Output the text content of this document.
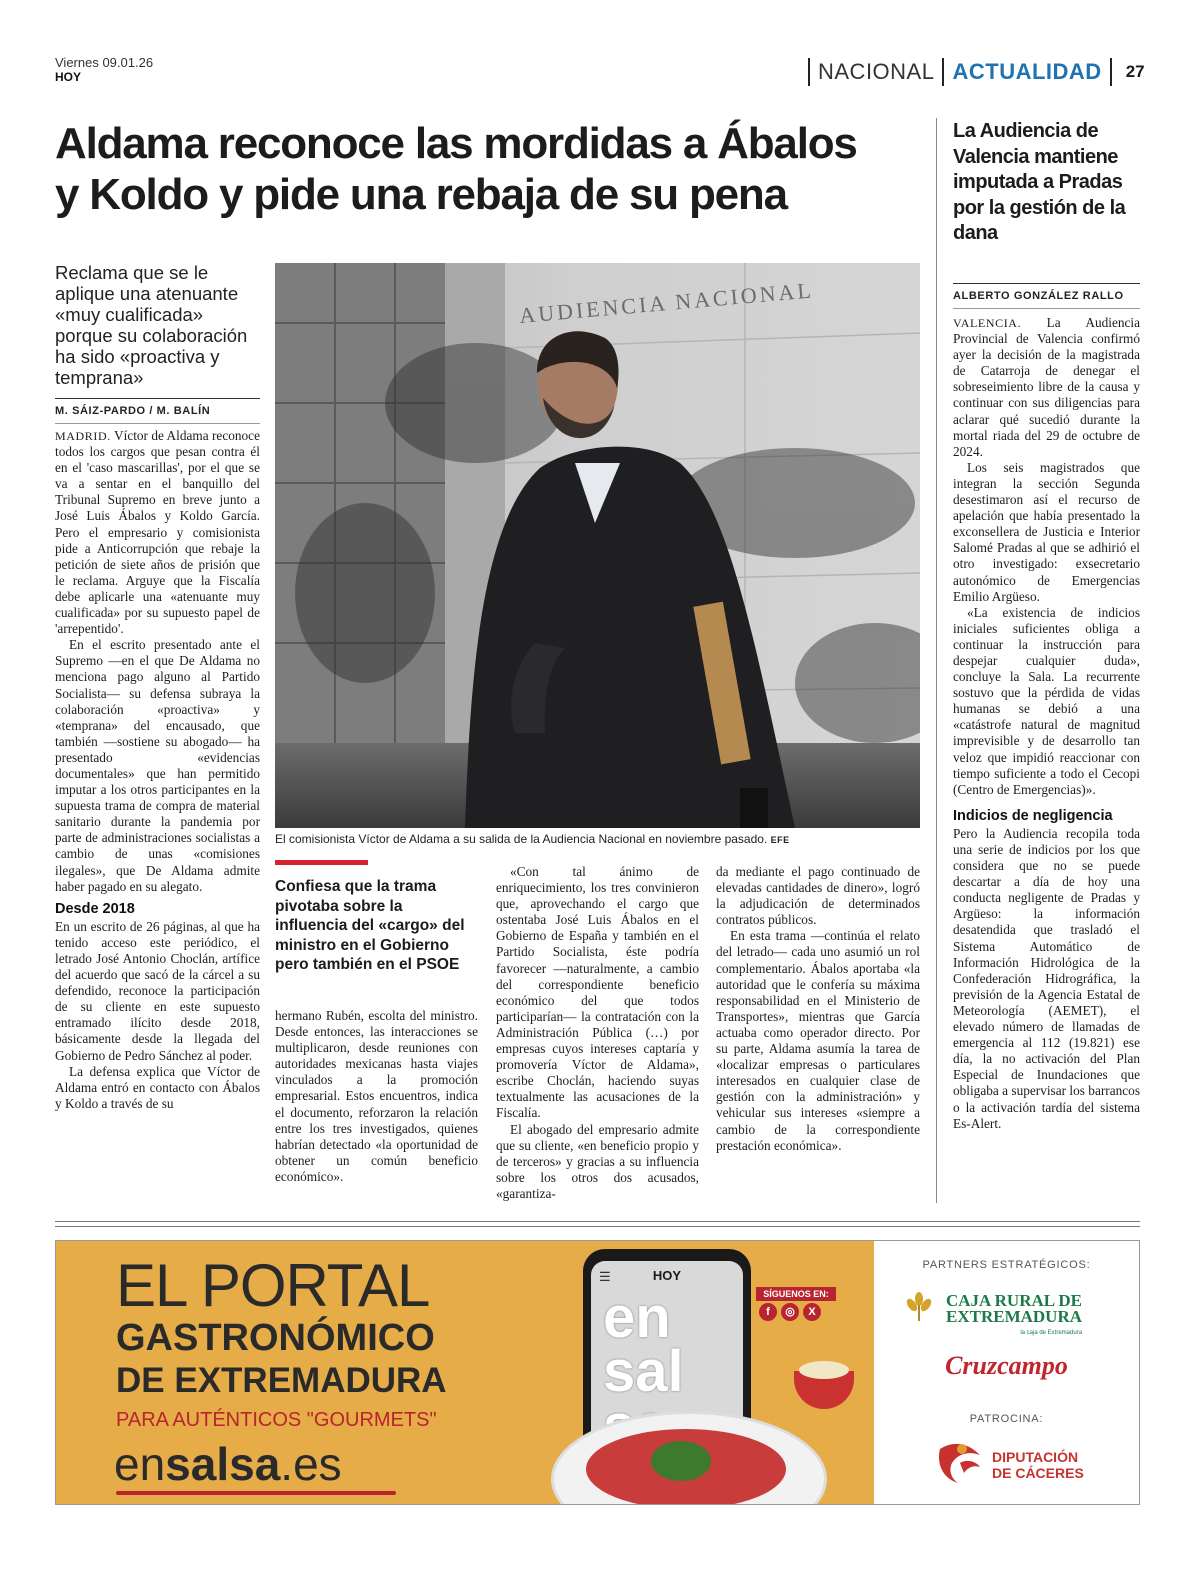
Viernes 09.01.26
HOY	NACIONAL ACTUALIDAD 27
Aldama reconoce las mordidas a Ábalos
y Koldo y pide una rebaja de su pena
Reclama que se le aplique una atenuante «muy cualificada» porque su colaboración ha sido «proactiva y temprana»
M. SÁIZ-PARDO / M. BALÍN

MADRID. Víctor de Aldama reconoce todos los cargos que pesan contra él en el 'caso mascarillas', por el que se va a sentar en el banquillo del Tribunal Supremo en breve junto a José Luis Ábalos y Koldo García. Pero el empresario y comisionista pide a Anticorrupción que rebaje la petición de siete años de prisión que le reclama. Arguye que la Fiscalía debe aplicarle una «atenuante muy cualificada» por su supuesto papel de 'arrepentido'.

En el escrito presentado ante el Supremo —en el que De Aldama no menciona pago alguno al Partido Socialista— su defensa subraya la colaboración «proactiva» y «temprana» del encausado, que también —sostiene su abogado— ha presentado «evidencias documentales» que han permitido imputar a los otros participantes en la supuesta trama de compra de material sanitario durante la pandemia por parte de administraciones socialistas a cambio de unas «comisiones ilegales», que De Aldama admite haber pagado en su alegato.

Desde 2018

En un escrito de 26 páginas, al que ha tenido acceso este periódico, el letrado José Antonio Choclán, artífice del acuerdo que sacó de la cárcel a su defendido, reconoce la participación de su cliente en este supuesto entramado ilícito desde 2018, básicamente desde la llegada del Gobierno de Pedro Sánchez al poder.

La defensa explica que Víctor de Aldama entró en contacto con Ábalos y Koldo a través de su

AUDIENCIA NACIONAL
El comisionista Víctor de Aldama a su salida de la Audiencia Nacional en noviembre pasado. EFE
Confiesa que la trama pivotaba sobre la influencia del «cargo» del ministro en el Gobierno pero también en el PSOE

hermano Rubén, escolta del ministro. Desde entonces, las interacciones se multiplicaron, desde reuniones con autoridades mexicanas hasta viajes vinculados a la promoción empresarial. Estos encuentros, indica el documento, reforzaron la relación entre los tres investigados, quienes habrían detectado «la oportunidad de obtener un común beneficio económico».

«Con tal ánimo de enriquecimiento, los tres convinieron que, aprovechando el cargo que ostentaba José Luis Ábalos en el Gobierno de España y también en el Partido Socialista, éste podría favorecer —naturalmente, a cambio del correspondiente beneficio económico del que todos participarían— la contratación con la Administración Pública (…) por empresas cuyos intereses captaría y promovería Víctor de Aldama», escribe Choclán, haciendo suyas textualmente las acusaciones de la Fiscalía.

El abogado del empresario admite que su cliente, «en beneficio propio y de terceros» y gracias a su influencia sobre los otros dos acusados, «garantiza-

da mediante el pago continuado de elevadas cantidades de dinero», logró la adjudicación de determinados contratos públicos.

En esta trama —continúa el relato del letrado— cada uno asumió un rol complementario. Ábalos aportaba «la autoridad que le confería su máxima responsabilidad en el Ministerio de Transportes», mientras que García actuaba como operador directo. Por su parte, Aldama asumía la tarea de «localizar empresas o particulares interesados en cualquier clase de gestión con la administración» y vehicular sus intereses «siempre a cambio de la correspondiente prestación económica».

La Audiencia de Valencia mantiene imputada a Pradas por la gestión de la dana
ALBERTO GONZÁLEZ RALLO

VALENCIA. La Audiencia Provincial de Valencia confirmó ayer la decisión de la magistrada de Catarroja de denegar el sobreseimiento libre de la causa y continuar con sus diligencias para aclarar qué sucedió durante la mortal riada del 29 de octubre de 2024.

Los seis magistrados que integran la sección Segunda desestimaron así el recurso de apelación que había presentado la exconsellera de Justicia e Interior Salomé Pradas al que se adhirió el otro investigado: exsecretario autonómico de Emergencias Emilio Argüeso.

«La existencia de indicios iniciales suficientes obliga a continuar la instrucción para despejar cualquier duda», concluye la Sala. La recurrente sostuvo que la pérdida de vidas humanas se debió a una «catástrofe natural de magnitud imprevisible y de desarrollo tan veloz que impidió reaccionar con tiempo suficiente a todo el Cecopi (Centro de Emergencias)».

Indicios de negligencia

Pero la Audiencia recopila toda una serie de indicios por los que considera que no se puede descartar a día de hoy una conducta negligente de Pradas y Argüeso: la información desatendida que trasladó el Sistema Automático de Información Hidrológica de la Confederación Hidrográfica, la previsión de la Agencia Estatal de Meteorología (AEMET), el elevado número de llamadas de emergencia al 112 (19.821) ese día, la no activación del Plan Especial de Inundaciones que obligaba a supervisar los barrancos o la activación tardía del sistema Es-Alert.

EL PORTAL
GASTRONÓMICO
DE EXTREMADURA
PARA AUTÉNTICOS "GOURMETS"
ensalsa.es
☰	HOY
en
sal
SÍGUENOS EN:
f	◎	X
PARTNERS ESTRATÉGICOS:
CAJA RURAL DE
EXTREMADURA
la caja de Extremadura
Cruzcampo
PATROCINA:
DIPUTACIÓN
DE CÁCERES
